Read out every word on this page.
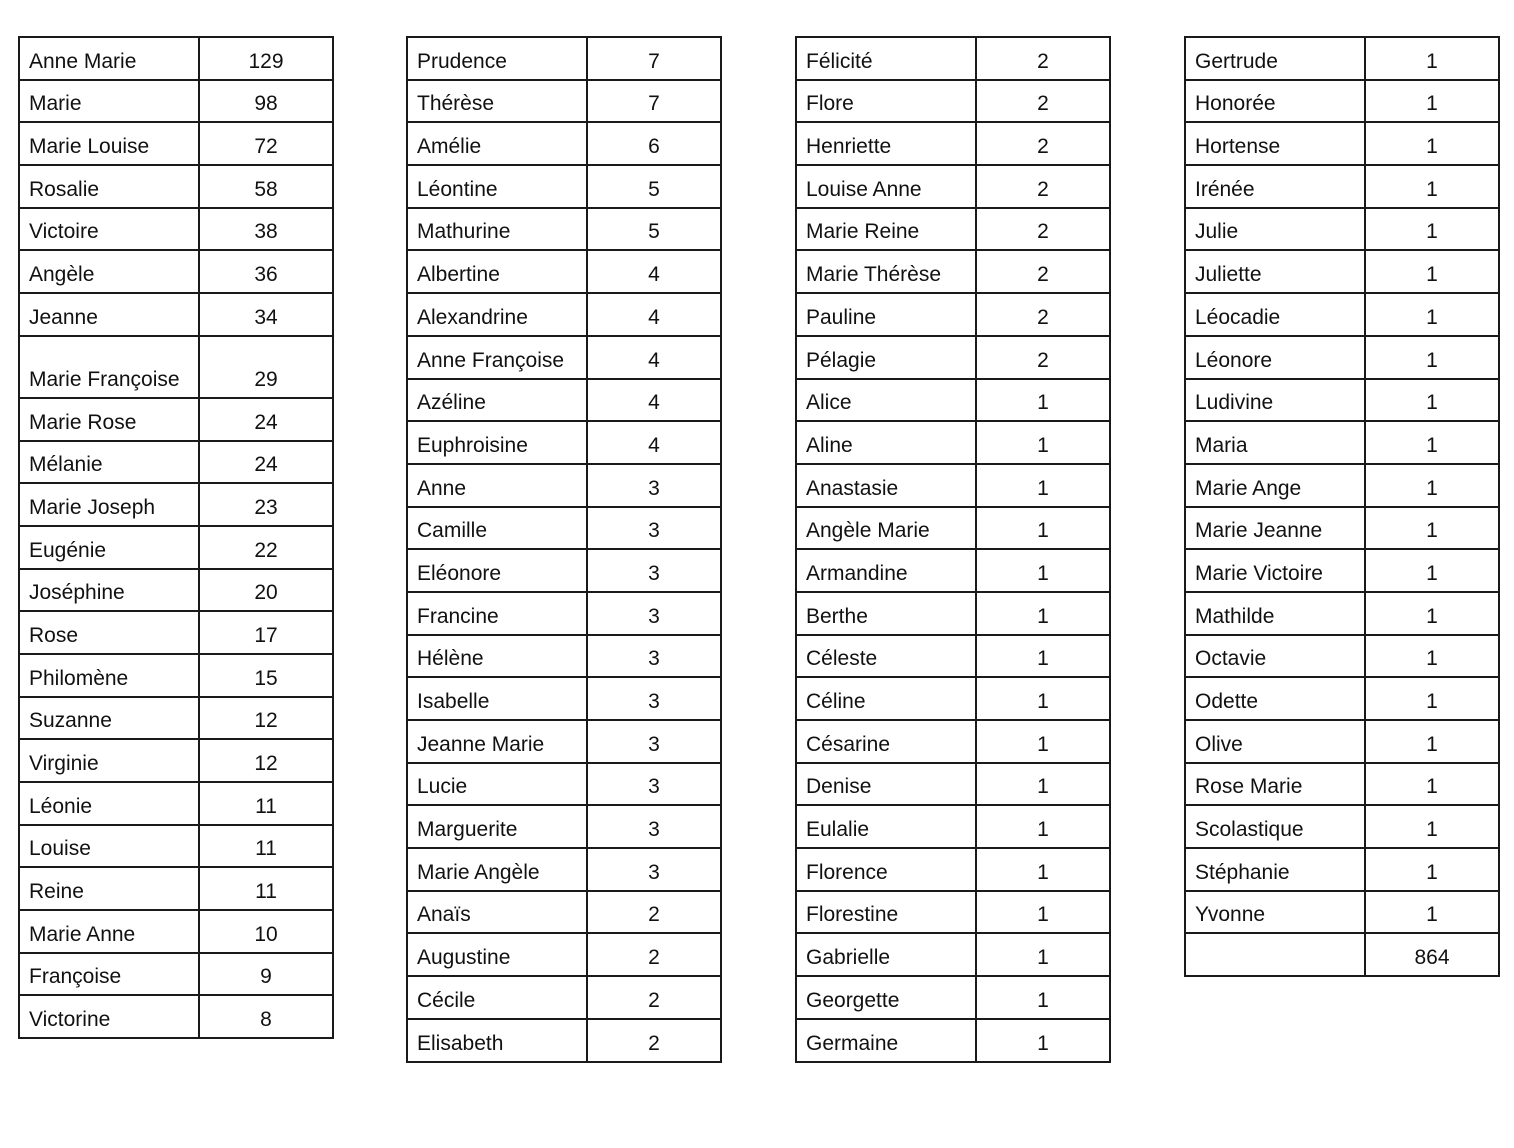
Anne Marie	129
Marie	98
Marie Louise	72
Rosalie	58
Victoire	38
Angèle	36
Jeanne	34
Marie Françoise	29
Marie Rose	24
Mélanie	24
Marie Joseph	23
Eugénie	22
Joséphine	20
Rose	17
Philomène	15
Suzanne	12
Virginie	12
Léonie	11
Louise	11
Reine	11
Marie Anne	10
Françoise	9
Victorine	8
Prudence	7
Thérèse	7
Amélie	6
Léontine	5
Mathurine	5
Albertine	4
Alexandrine	4
Anne Françoise	4
Azéline	4
Euphroisine	4
Anne	3
Camille	3
Eléonore	3
Francine	3
Hélène	3
Isabelle	3
Jeanne Marie	3
Lucie	3
Marguerite	3
Marie Angèle	3
Anaïs	2
Augustine	2
Cécile	2
Elisabeth	2
Félicité	2
Flore	2
Henriette	2
Louise Anne	2
Marie Reine	2
Marie Thérèse	2
Pauline	2
Pélagie	2
Alice	1
Aline	1
Anastasie	1
Angèle Marie	1
Armandine	1
Berthe	1
Céleste	1
Céline	1
Césarine	1
Denise	1
Eulalie	1
Florence	1
Florestine	1
Gabrielle	1
Georgette	1
Germaine	1
Gertrude	1
Honorée	1
Hortense	1
Irénée	1
Julie	1
Juliette	1
Léocadie	1
Léonore	1
Ludivine	1
Maria	1
Marie Ange	1
Marie Jeanne	1
Marie Victoire	1
Mathilde	1
Octavie	1
Odette	1
Olive	1
Rose Marie	1
Scolastique	1
Stéphanie	1
Yvonne	1
	864
